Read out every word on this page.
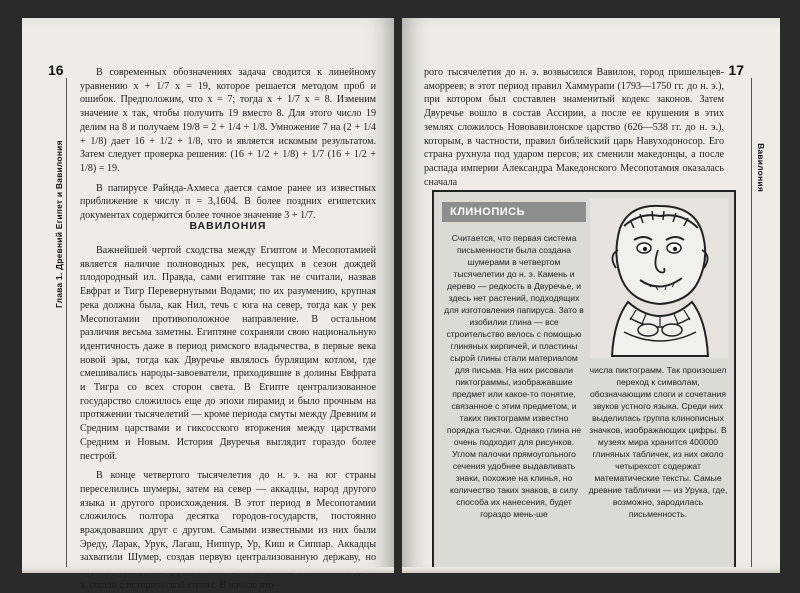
16
Глава 1. Древний Египет и Вавилония

В современных обозначениях задача сводится к линейному уравнению x + 1/7 x = 19, которое решается методом проб и ошибок. Предположим, что x = 7; тогда x + 1/7 x = 8. Изменим значение x так, чтобы получить 19 вместо 8. Для этого число 19 делим на 8 и получаем 19/8 = 2 + 1/4 + 1/8. Умножение 7 на (2 + 1/4 + 1/8) дает 16 + 1/2 + 1/8, что и является искомым результатом. Затем следует проверка решения: (16 + 1/2 + 1/8) + 1/7 (16 + 1/2 + 1/8) = 19.

В папирусе Райнда-Ахмеса дается самое ранее из известных приближение к числу π = 3,1604. В более поздних египетских документах содержится более точное значение 3 + 1/7.

ВАВИЛОНИЯ

Важнейшей чертой сходства между Египтом и Месопотамией является наличие полноводных рек, несущих в сезон дождей плодородный ил. Правда, сами египтяне так не считали, назвав Евфрат и Тигр Перевернутыми Водами; по их разумению, крупная река должна была, как Нил, течь с юга на север, тогда как у рек Месопотамии противоположное направление. В остальном различия весьма заметны. Египтяне сохраняли свою национальную идентичность даже в период римского владычества, в первые века новой эры, тогда как Двуречье являлось бурлящим котлом, где смешивались народы-завоеватели, приходившие в долины Евфрата и Тигра со всех сторон света. В Египте централизованное государство сложилось еще до эпохи пирамид и было прочным на протяжении тысячелетий — кроме периода смуты между Древним и Средним царствами и гиксосского вторжения между царствами Средним и Новым. История Двуречья выглядит гораздо более пестрой.

В конце четвертого тысячелетия до н. э. на юг страны переселились шумеры, затем на север — аккадцы, народ другого языка и другого происхождения. В этот период в Месопотамии сложилось полтора десятка городов-государств, постоянно враждовавших друг с другом. Самыми известными из них были Эреду, Ларак, Урук, Лагаш, Ниппур, Ур, Киш и Сиппар. Аккадцы захватили Шумер, создав первую централизованную державу, но э. сошло с исторической сцены. В начале вто-

17
Вавилония

рого тысячелетия до н. э. возвысился Вавилон, город пришельцев-аморреев; в этот период правил Хаммурапи (1793—1750 гг. до н. э.), при котором был составлен знаменитый кодекс законов. Затем Двуречье вошло в состав Ассирии, а после ее крушения в этих землях сложилось Нововавилонское царство (626—538 гг. до н. э.), которым, в частности, правил библейский царь Навуходоносор. Его страна рухнула под ударом персов; их сменили македонцы, а после распада империи Александра Македонского Месопотамия оказалась сначала

КЛИНОПИСЬ
Считается, что первая система письменности была создана шумерами в четвертом тысячелетии до н. э. Камень и дерево — редкость в Двуречье, и здесь нет растений, подходящих для изготовления папируса. Зато в изобилии глина — все строительство велось с помощью глиняных кирпичей, и пластины сырой глины стали материалом для письма. На них рисовали пиктограммы, изображавшие предмет или какое-то понятие, связанное с этим предметом, и таких пиктограмм известно порядка тысячи. Однако глина не очень подходит для рисунков. Углом палочки прямоугольного сечения удобнее выдавливать знаки, похожие на клинья, но количество таких знаков, в силу способа их нанесения, будет гораздо мень-ше
числа пиктограмм. Так произошел переход к символам, обозначающим слоги и сочетания звуков устного языка. Среди них выделилась группа клинописных значков, изображающих цифры. В музеях мира хранится 400000 глиняных табличек, из них около четырехсот содержат математические тексты. Самые древние таблички — из Урука, где, возможно, зародилась письменность.
